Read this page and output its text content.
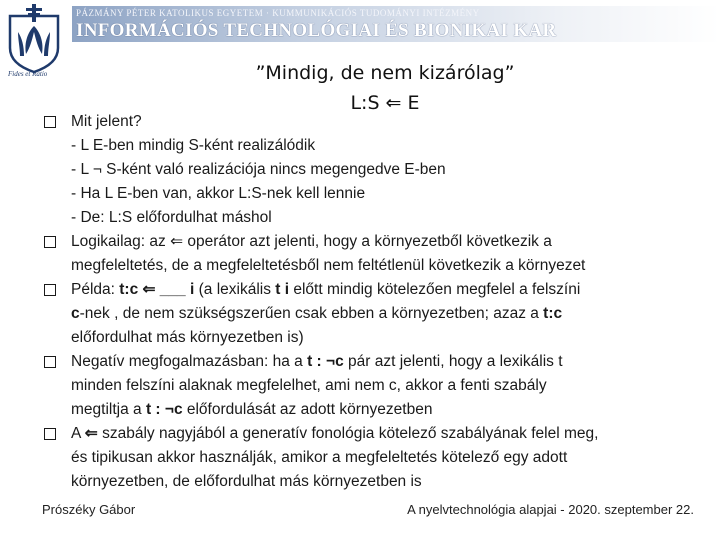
PÁZMÁNY PÉTER KATOLIKUS EGYETEM · KUMMUNIKÁCIÓS TUDOMÁNYI INTÉZMÉNY
INFORMÁCIÓS TECHNOLÓGIAI ÉS BIONIKAI KAR
Fides et Ratio	”Mindig, de nem kizárólag”
L:S ⇐ E
Mit jelent?
- L E-ben mindig S-ként realizálódik
- L ¬ S-ként való realizációja nincs megengedve E-ben
- Ha L E-ben van, akkor L:S-nek kell lennie
- De: L:S előfordulhat máshol
Logikailag: az ⇐ operátor azt jelenti, hogy a környezetből következik a
megfeleltetés, de a megfeleltetésből nem feltétlenül következik a környezet
Példa: t:c ⇐ ___ i (a lexikális t i előtt mindig kötelezően megfelel a felszíni
c-nek , de nem szükségszerűen csak ebben a környezetben; azaz a t:c
előfordulhat más környezetben is)
Negatív megfogalmazásban: ha a t : ¬c pár azt jelenti, hogy a lexikális t
minden felszíni alaknak megfelelhet, ami nem c, akkor a fenti szabály
megtiltja a t : ¬c előfordulását az adott környezetben
A ⇐ szabály nagyjából a generatív fonológia kötelező szabályának felel meg,
és tipikusan akkor használják, amikor a megfeleltetés kötelező egy adott
környezetben, de előfordulhat más környezetben is
Prószéky Gábor	A nyelvtechnológia alapjai - 2020. szeptember 22.
